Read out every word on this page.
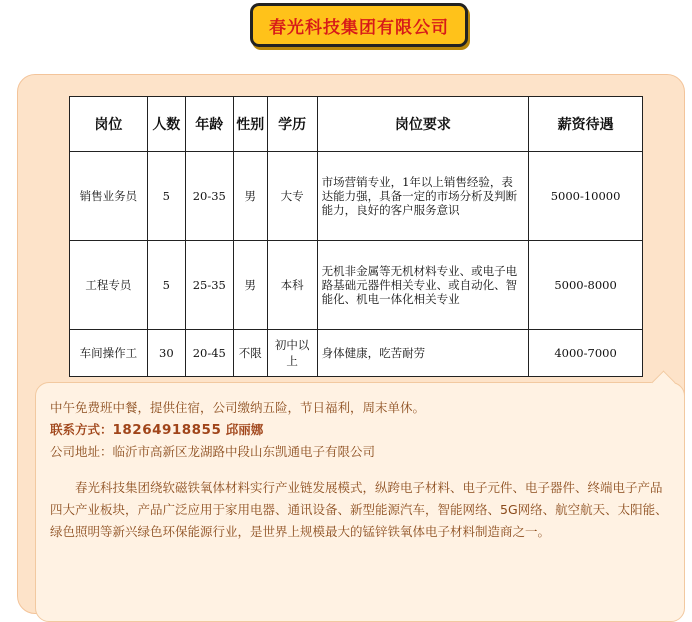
春光科技集团有限公司
岗位	人数	年龄	性别	学历	岗位要求	薪资待遇
销售业务员	5	20-35	男	大专	市场营销专业，1年以上销售经验，表达能力强，具备一定的市场分析及判断能力，良好的客户服务意识	5000-10000
工程专员	5	25-35	男	本科	无机非金属等无机材料专业、或电子电路基础元器件相关专业、或自动化、智能化、机电一体化相关专业	5000-8000
车间操作工	30	20-45	不限	初中以上	身体健康，吃苦耐劳	4000-7000
中午免费班中餐，提供住宿，公司缴纳五险，节日福利，周末单休。
联系方式：18264918855 邱丽娜
公司地址：临沂市高新区龙湖路中段山东凯通电子有限公司
春光科技集团绕软磁铁氧体材料实行产业链发展模式，纵跨电子材料、电子元件、电子器件、终端电子产品四大产业板块，产品广泛应用于家用电器、通讯设备、新型能源汽车，智能网络、5G网络、航空航天、太阳能、绿色照明等新兴绿色环保能源行业，是世界上规模最大的锰锌铁氧体电子材料制造商之一。
